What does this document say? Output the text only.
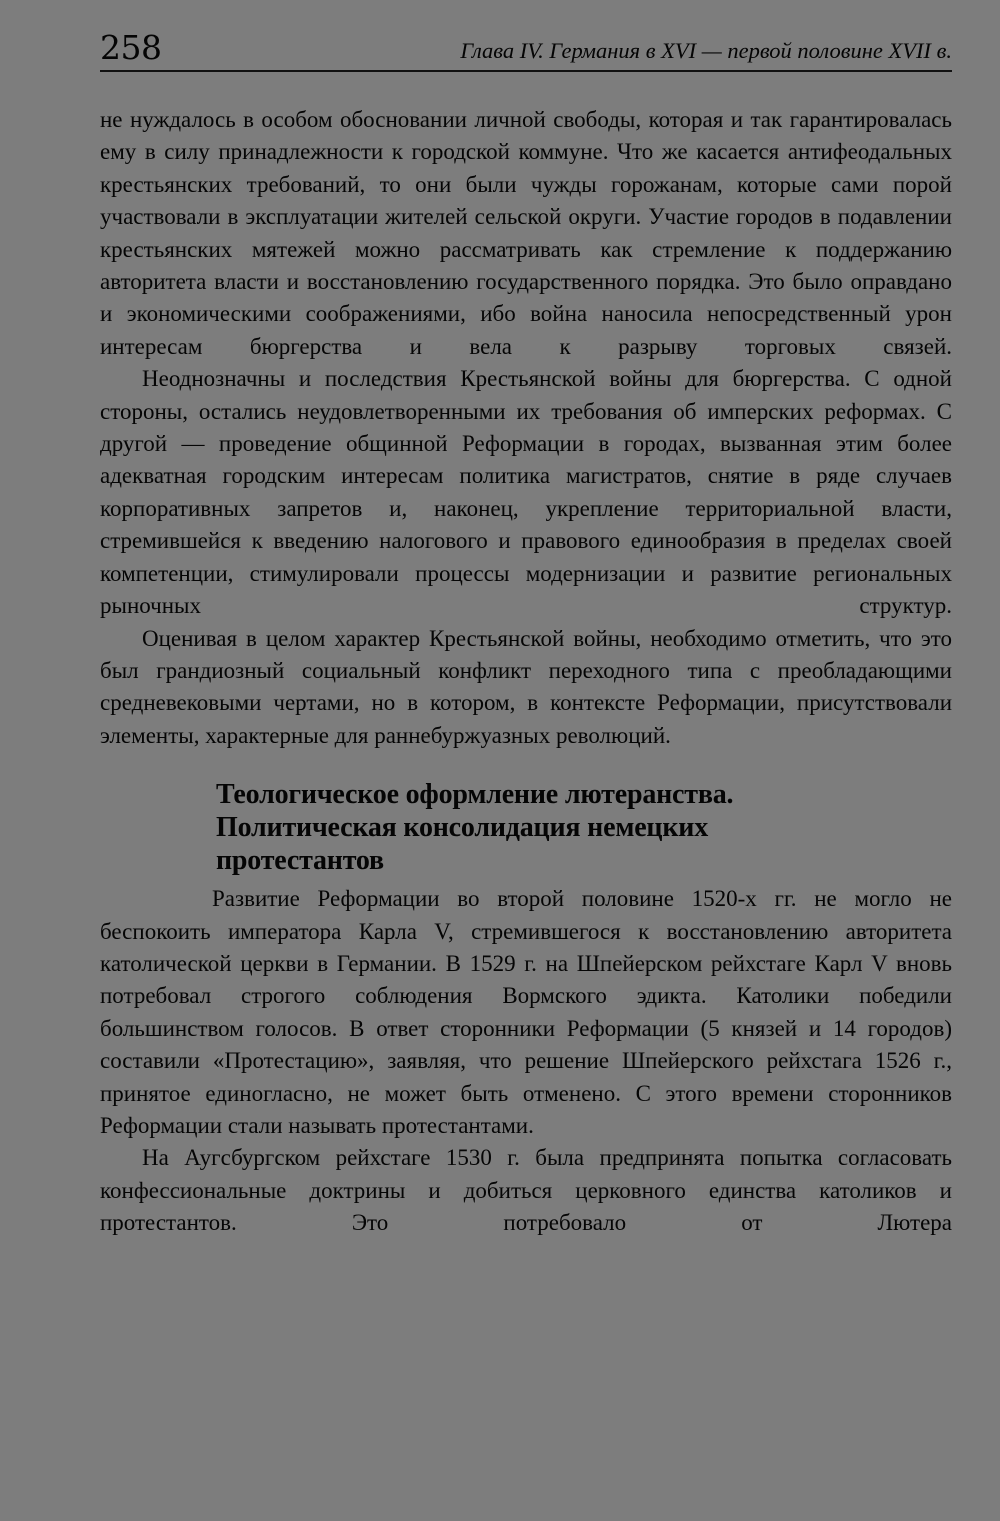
258	Глава IV. Германия в XVI — первой половине XVII в.

не нуждалось в особом обосновании личной свободы, которая и так гарантировалась ему в силу принадлежности к городской коммуне. Что же касается антифеодальных крестьянских требований, то они были чужды горожанам, которые сами порой участвовали в эксплуатации жителей сельской округи. Участие городов в подавлении крестьянских мятежей можно рассматривать как стремление к поддержанию авторитета власти и восстановлению государственного порядка. Это было оправдано и экономическими соображениями, ибо война наносила непосредственный урон интересам бюргерства и вела к разрыву торговых связей.

Неоднозначны и последствия Крестьянской войны для бюргерства. С одной стороны, остались неудовлетворенными их требования об имперских реформах. С другой — проведение общинной Реформации в городах, вызванная этим более адекватная городским интересам политика магистратов, снятие в ряде случаев корпоративных запретов и, наконец, укрепление территориальной власти, стремившейся к введению налогового и правового единообразия в пределах своей компетенции, стимулировали процессы модернизации и развитие региональных рыночных структур.

Оценивая в целом характер Крестьянской войны, необходимо отметить, что это был грандиозный социальный конфликт переходного типа с преобладающими средневековыми чертами, но в котором, в контексте Реформации, присутствовали элементы, характерные для раннебуржуазных революций.

Теологическое оформление лютеранства.
Политическая консолидация немецких
протестантов

Развитие Реформации во второй половине 1520-х гг. не могло не беспокоить императора Карла V, стремившегося к восстановлению авторитета католической церкви в Германии. В 1529 г. на Шпейерском рейхстаге Карл V вновь потребовал строгого соблюдения Вормского эдикта. Католики победили большинством голосов. В ответ сторонники Реформации (5 князей и 14 городов) составили «Протестацию», заявляя, что решение Шпейерского рейхстага 1526 г., принятое единогласно, не может быть отменено. С этого времени сторонников Реформации стали называть протестантами.

На Аугсбургском рейхстаге 1530 г. была предпринята попытка согласовать конфессиональные доктрины и добиться церковного единства католиков и протестантов. Это потребовало от Лютера
